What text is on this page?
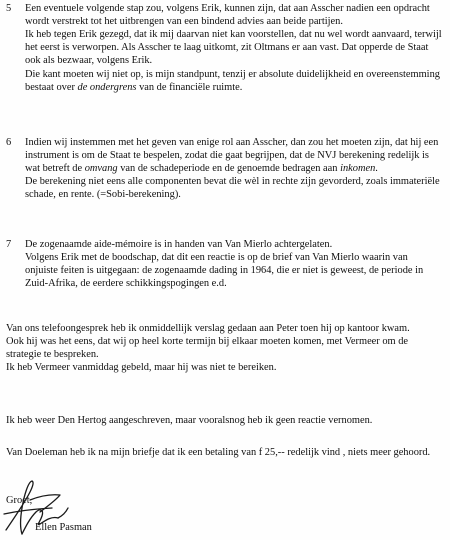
5	Een eventuele volgende stap zou, volgens Erik, kunnen zijn, dat aan Asscher nadien een opdracht wordt verstrekt tot het uitbrengen van een bindend advies aan beide partijen.

Ik heb tegen Erik gezegd, dat ik mij daarvan niet kan voorstellen, dat nu wel wordt aanvaard, terwijl het eerst is verworpen. Als Asscher te laag uitkomt, zit Oltmans er aan vast. Dat opperde de Staat ook als bezwaar, volgens Erik.

Die kant moeten wij niet op, is mijn standpunt, tenzij er absolute duidelijkheid en overeenstemming bestaat over de ondergrens van de financiële ruimte.

6	Indien wij instemmen met het geven van enige rol aan Asscher, dan zou het moeten zijn, dat hij een instrument is om de Staat te bespelen, zodat die gaat begrijpen, dat de NVJ berekening redelijk is wat betreft de omvang van de schadeperiode en de genoemde bedragen aan inkomen.

De berekening niet eens alle componenten bevat die wèl in rechte zijn gevorderd, zoals immateriële schade, en rente. (=Sobi-berekening).

7	De zogenaamde aide-mémoire is in handen van Van Mierlo achtergelaten.

Volgens Erik met de boodschap, dat dit een reactie is op de brief van Van Mierlo waarin van onjuiste feiten is uitgegaan: de zogenaamde dading in 1964, die er niet is geweest, de periode in Zuid-Afrika, de eerdere schikkingspogingen e.d.

Van ons telefoongesprek heb ik onmiddellijk verslag gedaan aan Peter toen hij op kantoor kwam.
Ook hij was het eens, dat wij op heel korte termijn bij elkaar moeten komen, met Vermeer om de strategie te bespreken.
Ik heb Vermeer vanmiddag gebeld, maar hij was niet te bereiken.

Ik heb weer Den Hertog aangeschreven, maar vooralsnog heb ik geen reactie vernomen.

Van Doeleman heb ik na mijn briefje dat ik een betaling van f 25,-- redelijk vind , niets meer gehoord.

Groet,

Ellen Pasman
